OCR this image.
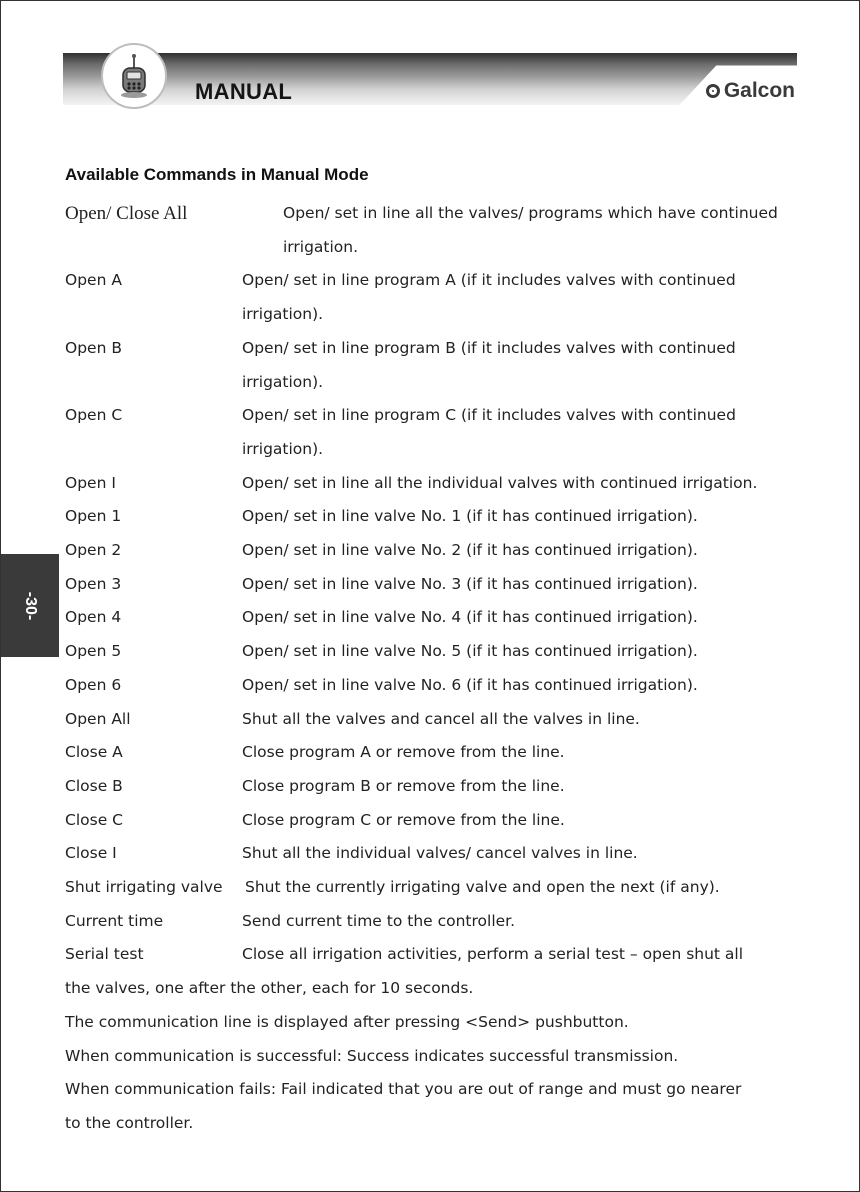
MANUAL	Galcon
-30-
Available Commands in Manual Mode
Open/ Close All	Open/ set in line all the valves/ programs which have continued irrigation.
Open A	Open/ set in line program A (if it includes valves with continued irrigation).
Open B	Open/ set in line program B (if it includes valves with continued irrigation).
Open C	Open/ set in line program C (if it includes valves with continued irrigation).
Open I	Open/ set in line all the individual valves with continued irrigation.
Open 1	Open/ set in line valve No. 1 (if it has continued irrigation).
Open 2	Open/ set in line valve No. 2 (if it has continued irrigation).
Open 3	Open/ set in line valve No. 3 (if it has continued irrigation).
Open 4	Open/ set in line valve No. 4 (if it has continued irrigation).
Open 5	Open/ set in line valve No. 5 (if it has continued irrigation).
Open 6	Open/ set in line valve No. 6 (if it has continued irrigation).
Open All	Shut all the valves and cancel all the valves in line.
Close A	Close program A or remove from the line.
Close B	Close program B or remove from the line.
Close C	Close program C or remove from the line.
Close I	Shut all the individual valves/ cancel valves in line.
Shut irrigating valve	Shut the currently irrigating valve and open the next (if any).
Current time	Send current time to the controller.
Serial test	Close all irrigation activities, perform a serial test – open shut all
the valves, one after the other, each for 10 seconds.
The communication line is displayed after pressing <Send> pushbutton.
When communication is successful: Success indicates successful transmission.
When communication fails: Fail indicated that you are out of range and must go nearer
to the controller.
